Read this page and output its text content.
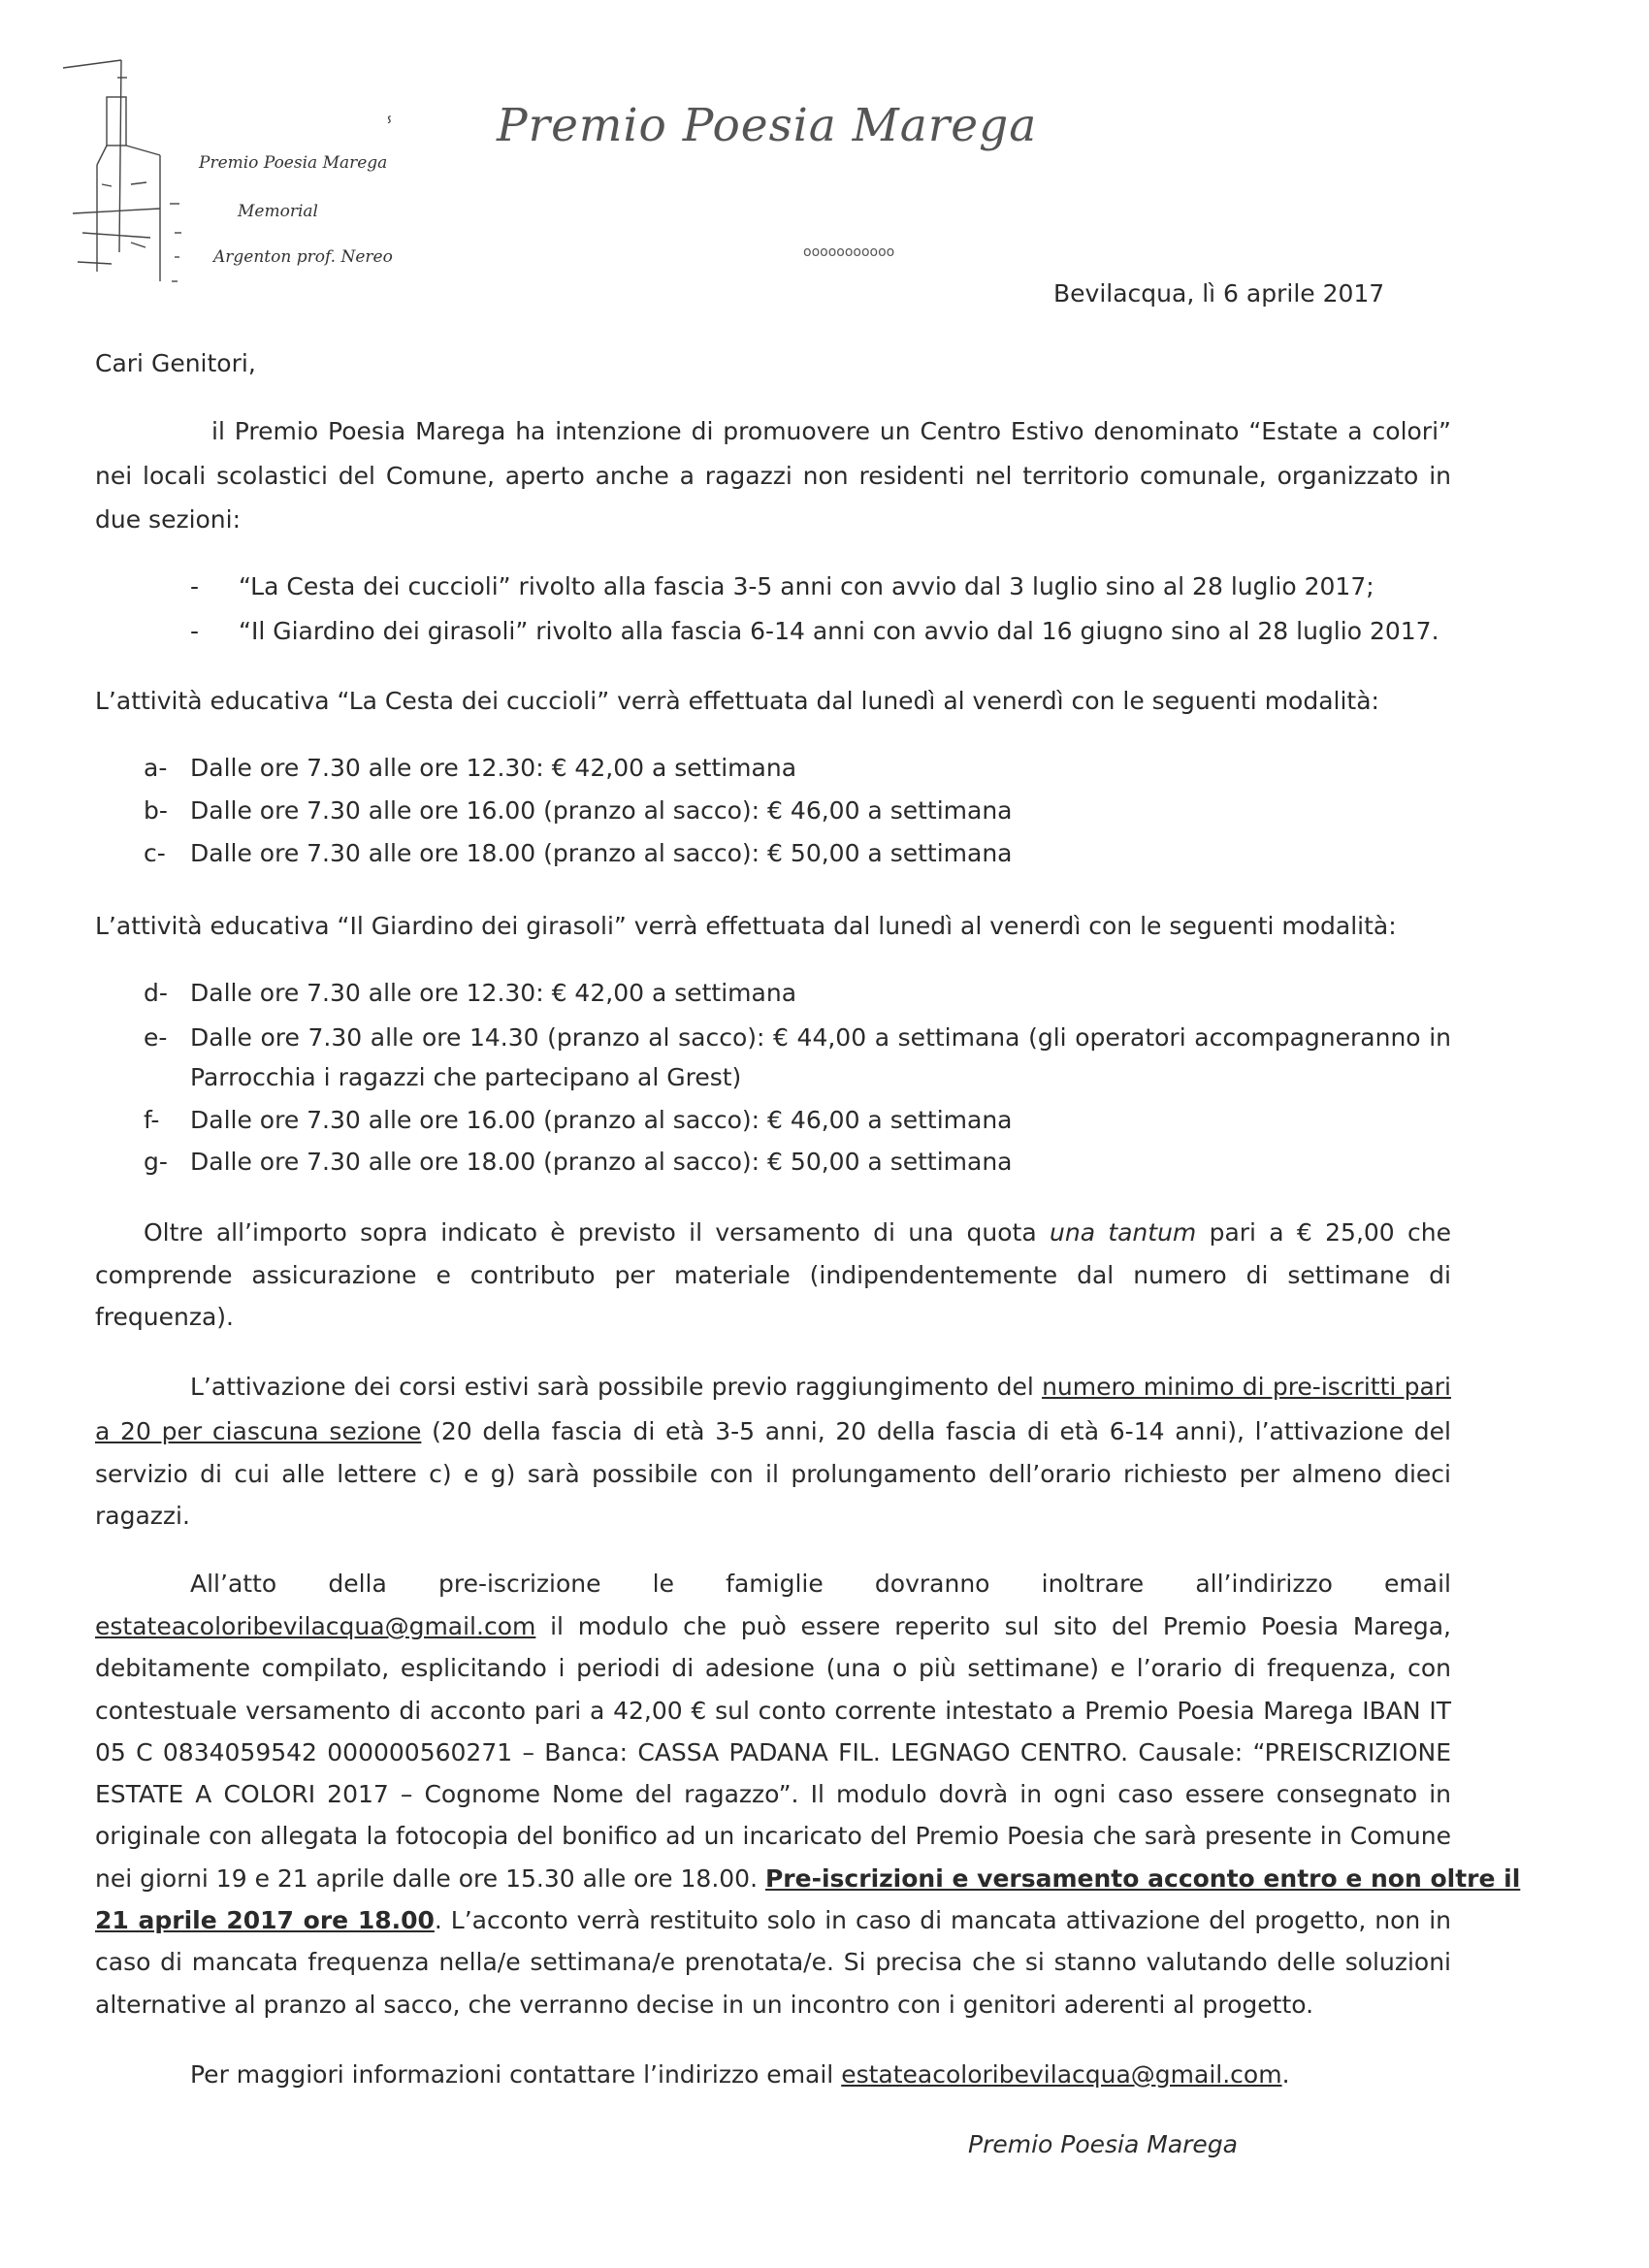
Premio Poesia Marega
Memorial
Argenton prof. Nereo
ⸯ Premio Poesia Marega
ooooooooooo
Bevilacqua, lì 6 aprile 2017
Cari Genitori,
il Premio Poesia Marega ha intenzione di promuovere un Centro Estivo denominato “Estate a colori”
nei locali scolastici del Comune, aperto anche a ragazzi non residenti nel territorio comunale, organizzato in
due sezioni:
- “La Cesta dei cuccioli” rivolto alla fascia 3-5 anni con avvio dal 3 luglio sino al 28 luglio 2017;
- “Il Giardino dei girasoli” rivolto alla fascia 6-14 anni con avvio dal 16 giugno sino al 28 luglio 2017.
L’attività educativa “La Cesta dei cuccioli” verrà effettuata dal lunedì al venerdì con le seguenti modalità:
a- Dalle ore 7.30 alle ore 12.30: € 42,00 a settimana
b- Dalle ore 7.30 alle ore 16.00 (pranzo al sacco): € 46,00 a settimana
c- Dalle ore 7.30 alle ore 18.00 (pranzo al sacco): € 50,00 a settimana
L’attività educativa “Il Giardino dei girasoli” verrà effettuata dal lunedì al venerdì con le seguenti modalità:
d- Dalle ore 7.30 alle ore 12.30: € 42,00 a settimana
e- Dalle ore 7.30 alle ore 14.30 (pranzo al sacco): € 44,00 a settimana (gli operatori accompagneranno in
Parrocchia i ragazzi che partecipano al Grest)
f- Dalle ore 7.30 alle ore 16.00 (pranzo al sacco): € 46,00 a settimana
g- Dalle ore 7.30 alle ore 18.00 (pranzo al sacco): € 50,00 a settimana
Oltre all’importo sopra indicato è previsto il versamento di una quota una tantum pari a € 25,00 che
comprende assicurazione e contributo per materiale (indipendentemente dal numero di settimane di
frequenza).
L’attivazione dei corsi estivi sarà possibile previo raggiungimento del numero minimo di pre-iscritti pari
a 20 per ciascuna sezione (20 della fascia di età 3-5 anni, 20 della fascia di età 6-14 anni), l’attivazione del
servizio di cui alle lettere c) e g) sarà possibile con il prolungamento dell’orario richiesto per almeno dieci
ragazzi.
All’atto della pre-iscrizione le famiglie dovranno inoltrare all’indirizzo email
estateacoloribevilacqua@gmail.com il modulo che può essere reperito sul sito del Premio Poesia Marega,
debitamente compilato, esplicitando i periodi di adesione (una o più settimane) e l’orario di frequenza, con
contestuale versamento di acconto pari a 42,00 € sul conto corrente intestato a Premio Poesia Marega IBAN IT
05 C 0834059542 000000560271 – Banca: CASSA PADANA FIL. LEGNAGO CENTRO. Causale: “PREISCRIZIONE
ESTATE A COLORI 2017 – Cognome Nome del ragazzo”. Il modulo dovrà in ogni caso essere consegnato in
originale con allegata la fotocopia del bonifico ad un incaricato del Premio Poesia che sarà presente in Comune
nei giorni 19 e 21 aprile dalle ore 15.30 alle ore 18.00. Pre-iscrizioni e versamento acconto entro e non oltre il
21 aprile 2017 ore 18.00. L’acconto verrà restituito solo in caso di mancata attivazione del progetto, non in
caso di mancata frequenza nella/e settimana/e prenotata/e. Si precisa che si stanno valutando delle soluzioni
alternative al pranzo al sacco, che verranno decise in un incontro con i genitori aderenti al progetto.
Per maggiori informazioni contattare l’indirizzo email estateacoloribevilacqua@gmail.com.
Premio Poesia Marega
